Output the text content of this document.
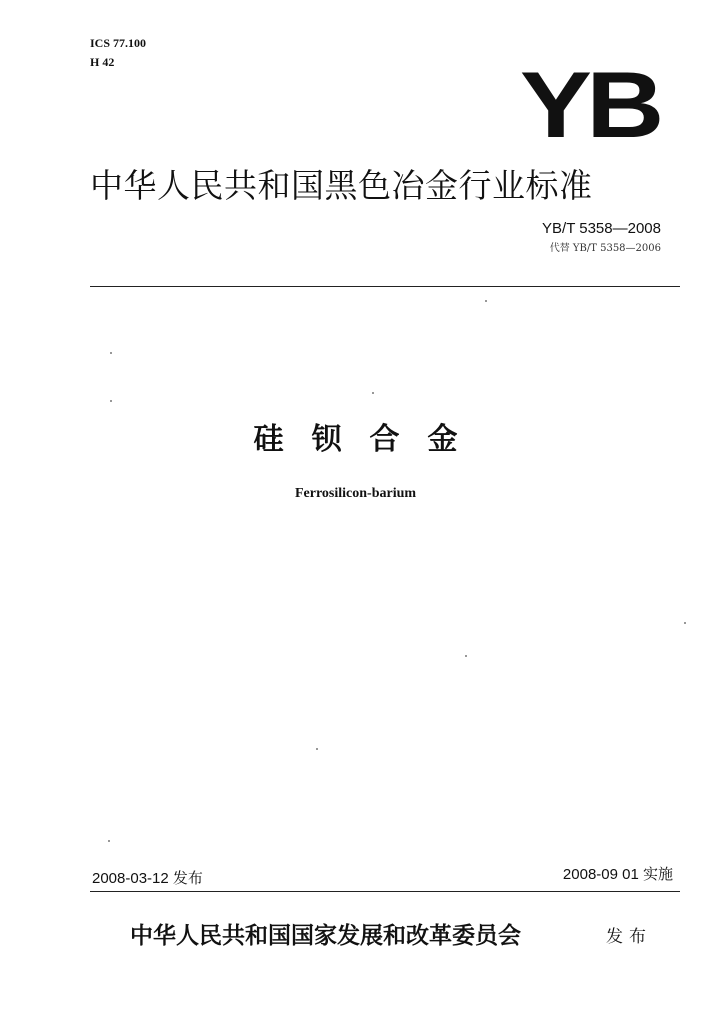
ICS 77.100
H 42	YB
中华人民共和国黑色冶金行业标准
YB/T 5358—2008
代替 YB/T 5358—2006
硅钡合金
Ferrosilicon-barium
2008-03-12 发布	2008-09 01 实施
中华人民共和国国家发展和改革委员会	发布
